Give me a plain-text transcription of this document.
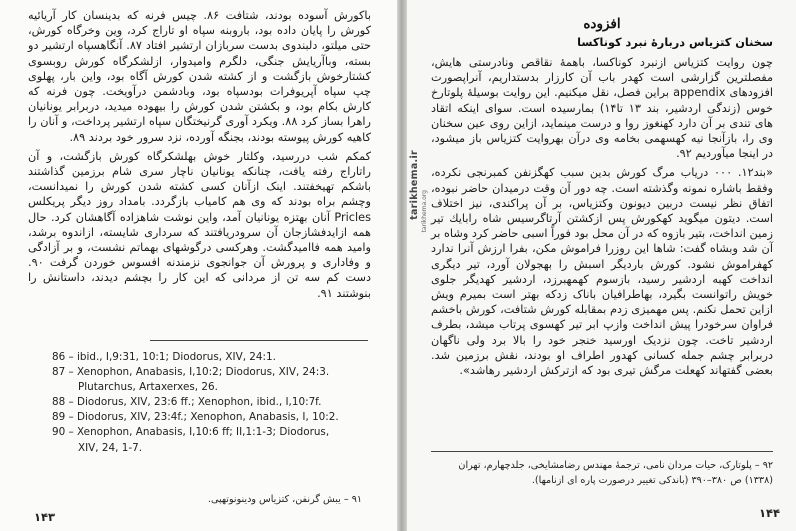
باکورش آسوده بودند، شتافت ۸۶. چیس فرنه که بدینسان کار آریائیه کورش را پایان داده بود، باروبنه سپاه او تاراج کرد، وین وخرگاه کورش، حتی میلتو، دلبندوی بدست سربازان ارتشیر افتاد ۸۷. آنگاهسپاه ارتشیر دو بسته، وباآریایش جنگی، دلگرم وامیدوار، ازلشکرگاه کورش روبسوی کشتارخوش بازگشت و از کشته شدن کورش آگاه بود، واین بار، پهلوی چپ سپاه آپریوفرات بودسپاه بود، وبادشمن درآویخت. چون فرنه که کارش بکام بود، و بکشتن شدن کورش را بیهوده میدید، دربرابر یونانیان راهرا بساز کرد ۸۸. ویکرد آوری گرنیختگان سپاه ارتشیر پرداخت، و آنان را کاهیه کورش پیوسته بودند، بجنگه آورده، نزد سرور خود بردند ۸۹.

کمکم شب دررسید، وکلتار خوش بهلشکرگاه کورش بازگشت، و آن راتاراج رفته یافت، چنانکه یونانیان ناچار سری شام برزمین گذاشتند باشکم تهیخفتند. اینک ازآنان کسی کشته شدن کورش را نمیدانست، وچشم براه بودند که وی هم کامیاب بازگردد. بامداد روز دیگر پریکلس Pricles آنان بهتزه یونانیان آمد، واین نوشت شاهزاده آگاهشان کرد. حال همه ازایدفشازجان آن سرودریافتند که سرداری شایسته، ازاندوه برشد، وامید همه فاامیدگشت. وهرکسی درگوشهای بهماتم نشست، و بر آزادگی و وفاداری و پرورش آن جوانجوی نزمندنه افسوس خوردن گرفت ۹۰. دست کم سه تن از مردانی که این کار را بچشم دیدند، داستانش را بنوشتند ۹۱.

86 – ibid., I,9:31, 10:1; Diodorus, XIV, 24:1.
87 – Xenophon, Anabasis, I,10:2; Diodorus, XIV, 24:3.
Plutarchus, Artaxerxes, 26.
88 – Diodorus, XIV, 23:6 ff.; Xenophon, ibid., I,10:7f.
89 – Diodorus, XIV, 23:4f.; Xenophon, Anabasis, I, 10:2.
90 – Xenophon, Anabasis, I,10:6 ff; II,1:1-3; Diodorus,
XIV, 24, 1-7.
۹۱ – یبش گرنفن، کتزیاس ودینونوتهپی.
۱۴۳
افزوده
سخنان کتزیاس دربارهٔ نبرد کوناکسا

چون روایت کتزیاس ازنبرد کوناکسا، باهمهٔ نقاقص ونادرستی هایش، مفصلترین گزارشی است کهدر باب آن کارزار بدستداریم، آنراپصورت افزودهای appendix براین فصل، نقل میکنیم. این روایت بوسیلهٔ پلوتارخ خوس (زندگی اردشیر، بند ۱۳ تا۱۴) بمارسیده است. سوای اینکه اتقاد های تندی بر آن دارد کهنغوز روا و درست مینماید، ازاین روی عین سخنان وی را، بازآنجا نیه کهسهمی بخامه وی درآن بهروایت کتزیاس باز میشود، در اینجا میآوردیم ۹۲.

«بند۱۲. ۰۰۰ دریاب مرگ کورش بدین سبب کهگزنفن کمبرنجی نکرده، وفقط باشاره نمونه وگذشته است. چه دور آن وقت درمیدان حاضر نبوده، اتفاق نظر نیست دربین دیونون وکتزیاس، بر آن پراکندی، نیز اختلاف است. دیتون میگوید کهکورش پس ازکشتن آرتاگرسیس شاه رابایك تیر زمین انداخت، بتیر بازوه که در آن محل بود فوراً اسبی حاضر کرد وشاه بر آن شد وبشاه گفت: شاها این روزرا فراموش مکن، بفرا ارزش آنرا ندارد کهفراموش نشود. کورش باردیگر اسبش را بهجولان آورد، تیر دیگری انداخت کهبه اردشیر رسید، بازسوم کهمهبرزد، اردشیر کهدیگر جلوی خویش راتوانست بگیرد، بهاطرافیان باناک زدکه بهتر است بمیرم ویش ازاین تحمل نکنم. پس مهمیزی زدم بمقابله کورش شتافت، کورش باخشم فراوان سرخودرا پیش انداخت وازپ ابر تیر کهسوی پرتاب میشد، بطرف اردشیر تاخت. چون نزدیک اورسید خنجر خود را بالا برد ولی ناگهان دربرابر چشم جمله کسانی کهدور اطراف او بودند، نقش برزمین شد. بعضی گفتهاند کهعلت مرگش تیری بود که ازترکش اردشیر رهاشد».

۹۲ – پلوتارک، حیات مردان نامی، ترجمهٔ مهندس رضامشایخی، جلدچهارم، تهران
(۱۳۳۸) ص ۳۸۰–۳۹۰ (باندکی تغییر درصورت پاره ای ازنامها).
۱۴۴
tarikhema.ir tarikhema.org
